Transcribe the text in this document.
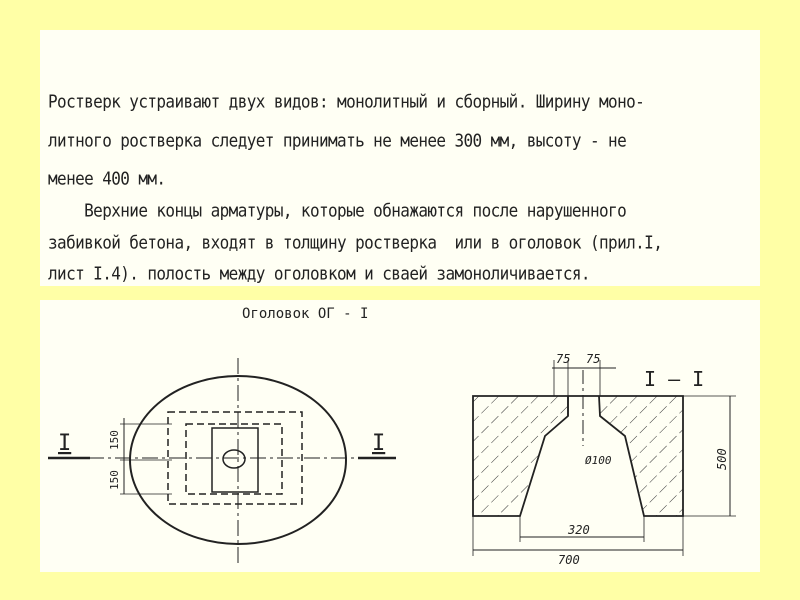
Ростверк устраивают двух видов: монолитный и сборный. Ширину моно-
литного ростверка следует принимать не менее 300 мм, высоту - не
менее 400 мм.
Верхние концы арматуры, которые обнажаются после нарушенного
забивкой бетона, входят в толщину ростверка  или в оголовок (прил.I,
лист I.4). полость между оголовком и сваей замоноличивается.
Оголовок ОГ - I
I	I
150
150
I – I
75 75
Ø100	500
320
700
